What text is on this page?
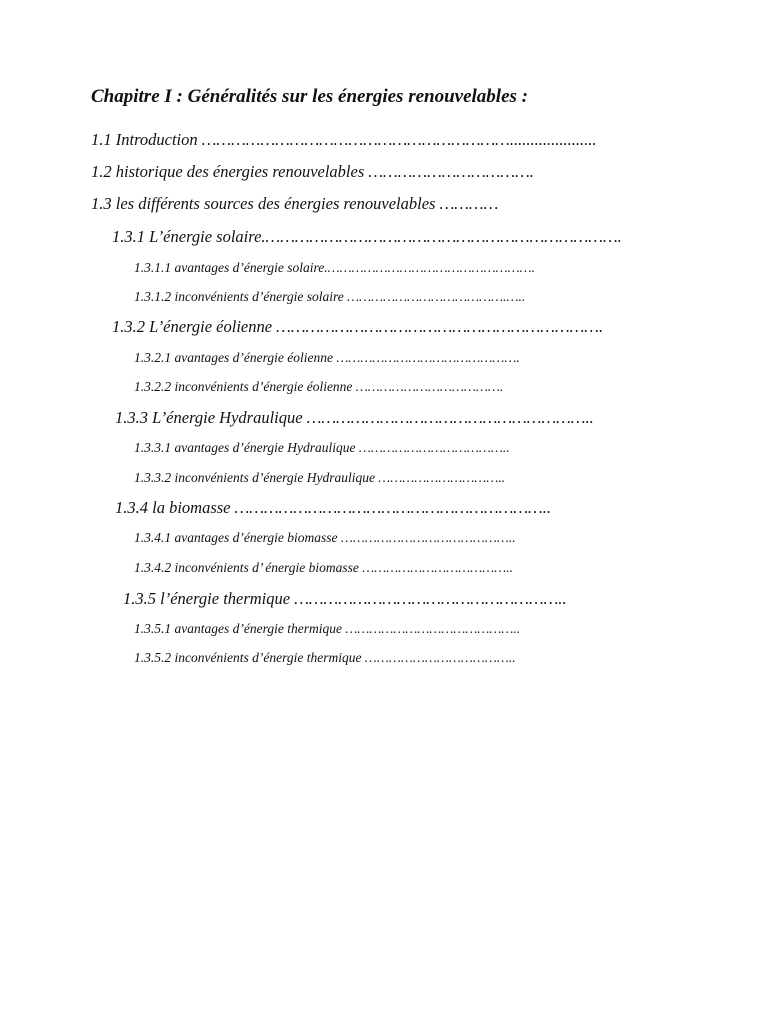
Chapitre I : Généralités sur les énergies renouvelables :

1.1 Introduction ……………………………………………………….....................

1.2 historique des énergies renouvelables …………………………….

1.3 les différents sources des énergies renouvelables …………

1.3.1 L’énergie solaire.……………………………………………………………….

1.3.1.1 avantages d’énergie solaire.…………………………………………….

1.3.1.2 inconvénients d’énergie solaire ………………………………….…..

1.3.2 L’énergie éolienne ………………………………………………………….

1.3.2.1 avantages d’énergie éolienne ……………………………………….

1.3.2.2 inconvénients d’énergie éolienne ……………………………….

1.3.3 L’énergie Hydraulique …………………………………………………..

1.3.3.1 avantages d’énergie Hydraulique ………………………………..

1.3.3.2 inconvénients d’énergie Hydraulique …………………………..

1.3.4 la biomasse ………………………………………………………..

1.3.4.1 avantages d’énergie biomasse ……………………………………..

1.3.4.2 inconvénients d’ énergie biomasse ………………………………..

1.3.5 l’énergie thermique ………………………………………………..

1.3.5.1 avantages d’énergie thermique ……………………………………..

1.3.5.2 inconvénients d’énergie thermique ………………………………..
